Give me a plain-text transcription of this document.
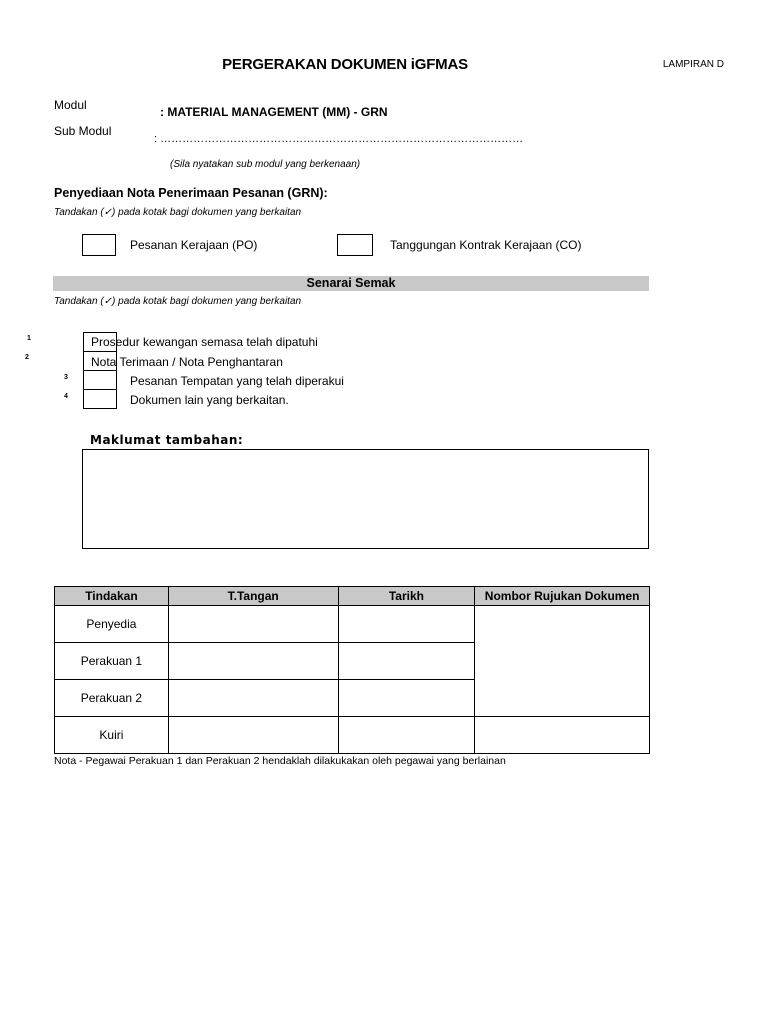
PERGERAKAN DOKUMEN iGFMAS	LAMPIRAN D
Modul	: MATERIAL MANAGEMENT (MM) - GRN
Sub Modul
: ………………………………………………………………………………………
(Sila nyatakan sub modul yang berkenaan)
Penyediaan Nota Penerimaan Pesanan (GRN):
Tandakan (✓) pada kotak bagi dokumen yang berkaitan
Pesanan Kerajaan (PO)	Tanggungan Kontrak Kerajaan (CO)
Senarai Semak
Tandakan (✓) pada kotak bagi dokumen yang berkaitan
1	Prosedur kewangan semasa telah dipatuhi
2	Nota Terimaan / Nota Penghantaran
3	Pesanan Tempatan yang telah diperakui
4	Dokumen lain yang berkaitan.
Maklumat tambahan:
Tindakan	T.Tangan	Tarikh	Nombor Rujukan Dokumen
Penyedia			
Perakuan 1			
Perakuan 2			
Kuiri			
Nota - Pegawai Perakuan 1 dan Perakuan 2 hendaklah dilakukakan oleh pegawai yang berlainan
